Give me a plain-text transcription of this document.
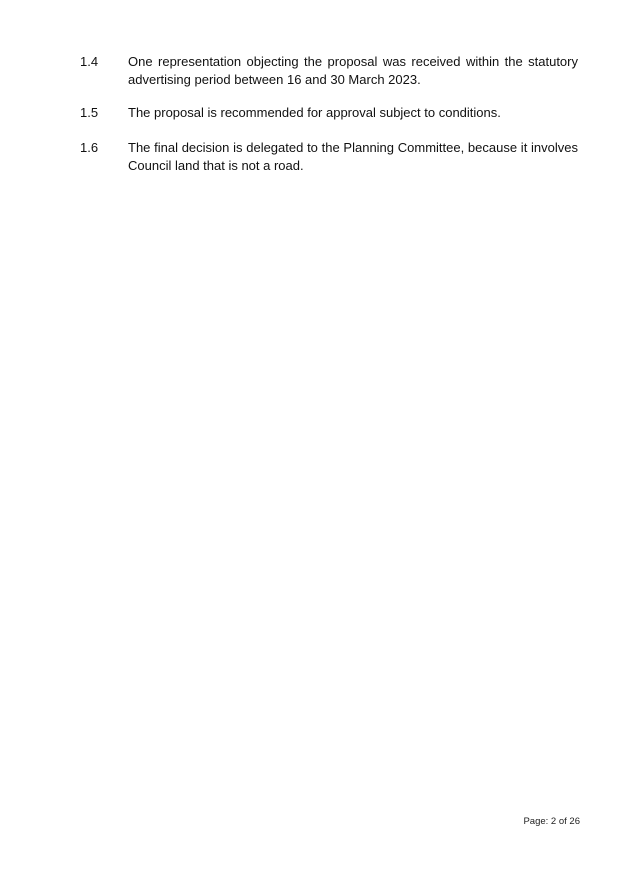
1.4 One representation objecting the proposal was received within the statutory
advertising period between 16 and 30 March 2023.
1.5 The proposal is recommended for approval subject to conditions.
1.6 The final decision is delegated to the Planning Committee, because it involves
Council land that is not a road.
Page: 2 of 26
